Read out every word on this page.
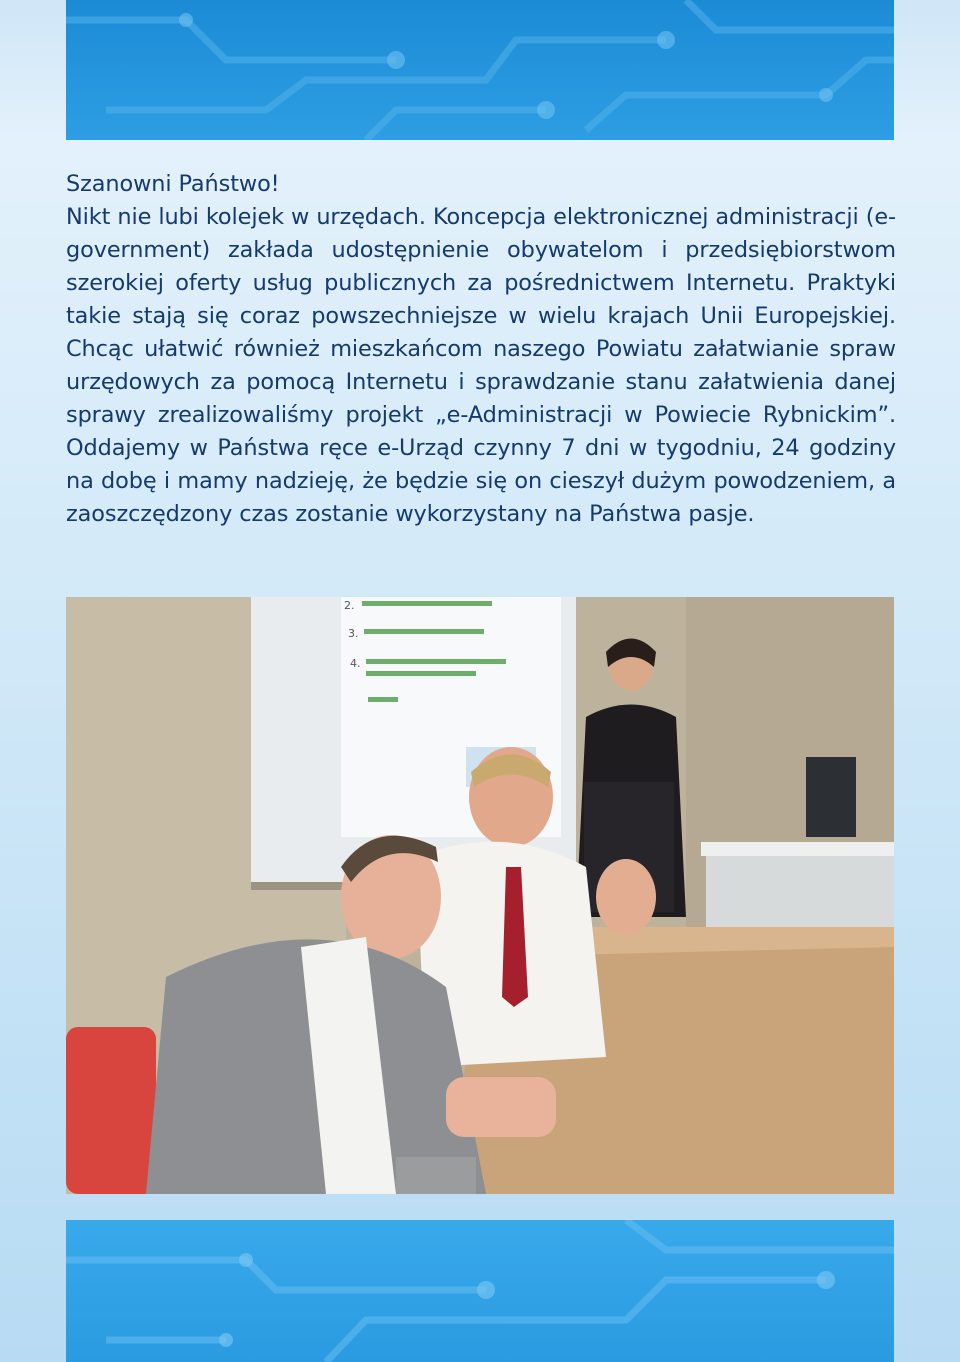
Szanowni Państwo!

Nikt nie lubi kolejek w urzędach. Koncepcja elektronicznej administracji (e-government) zakłada udostępnienie obywatelom i przedsiębiorstwom szerokiej oferty usług publicznych za pośrednictwem Internetu. Praktyki takie stają się coraz powszechniejsze w wielu krajach Unii Europejskiej. Chcąc ułatwić również mieszkańcom naszego Powiatu załatwianie spraw urzędowych za pomocą Internetu i sprawdzanie stanu załatwienia danej sprawy zrealizowaliśmy projekt „e-Administracji w Powiecie Rybnickim”. Oddajemy w Państwa ręce e-Urząd czynny 7 dni w tygodniu, 24 godziny na dobę i mamy nadzieję, że będzie się on cieszył dużym powodzeniem, a zaoszczędzony czas zostanie wykorzystany na Państwa pasje.

2.
3.
4.
